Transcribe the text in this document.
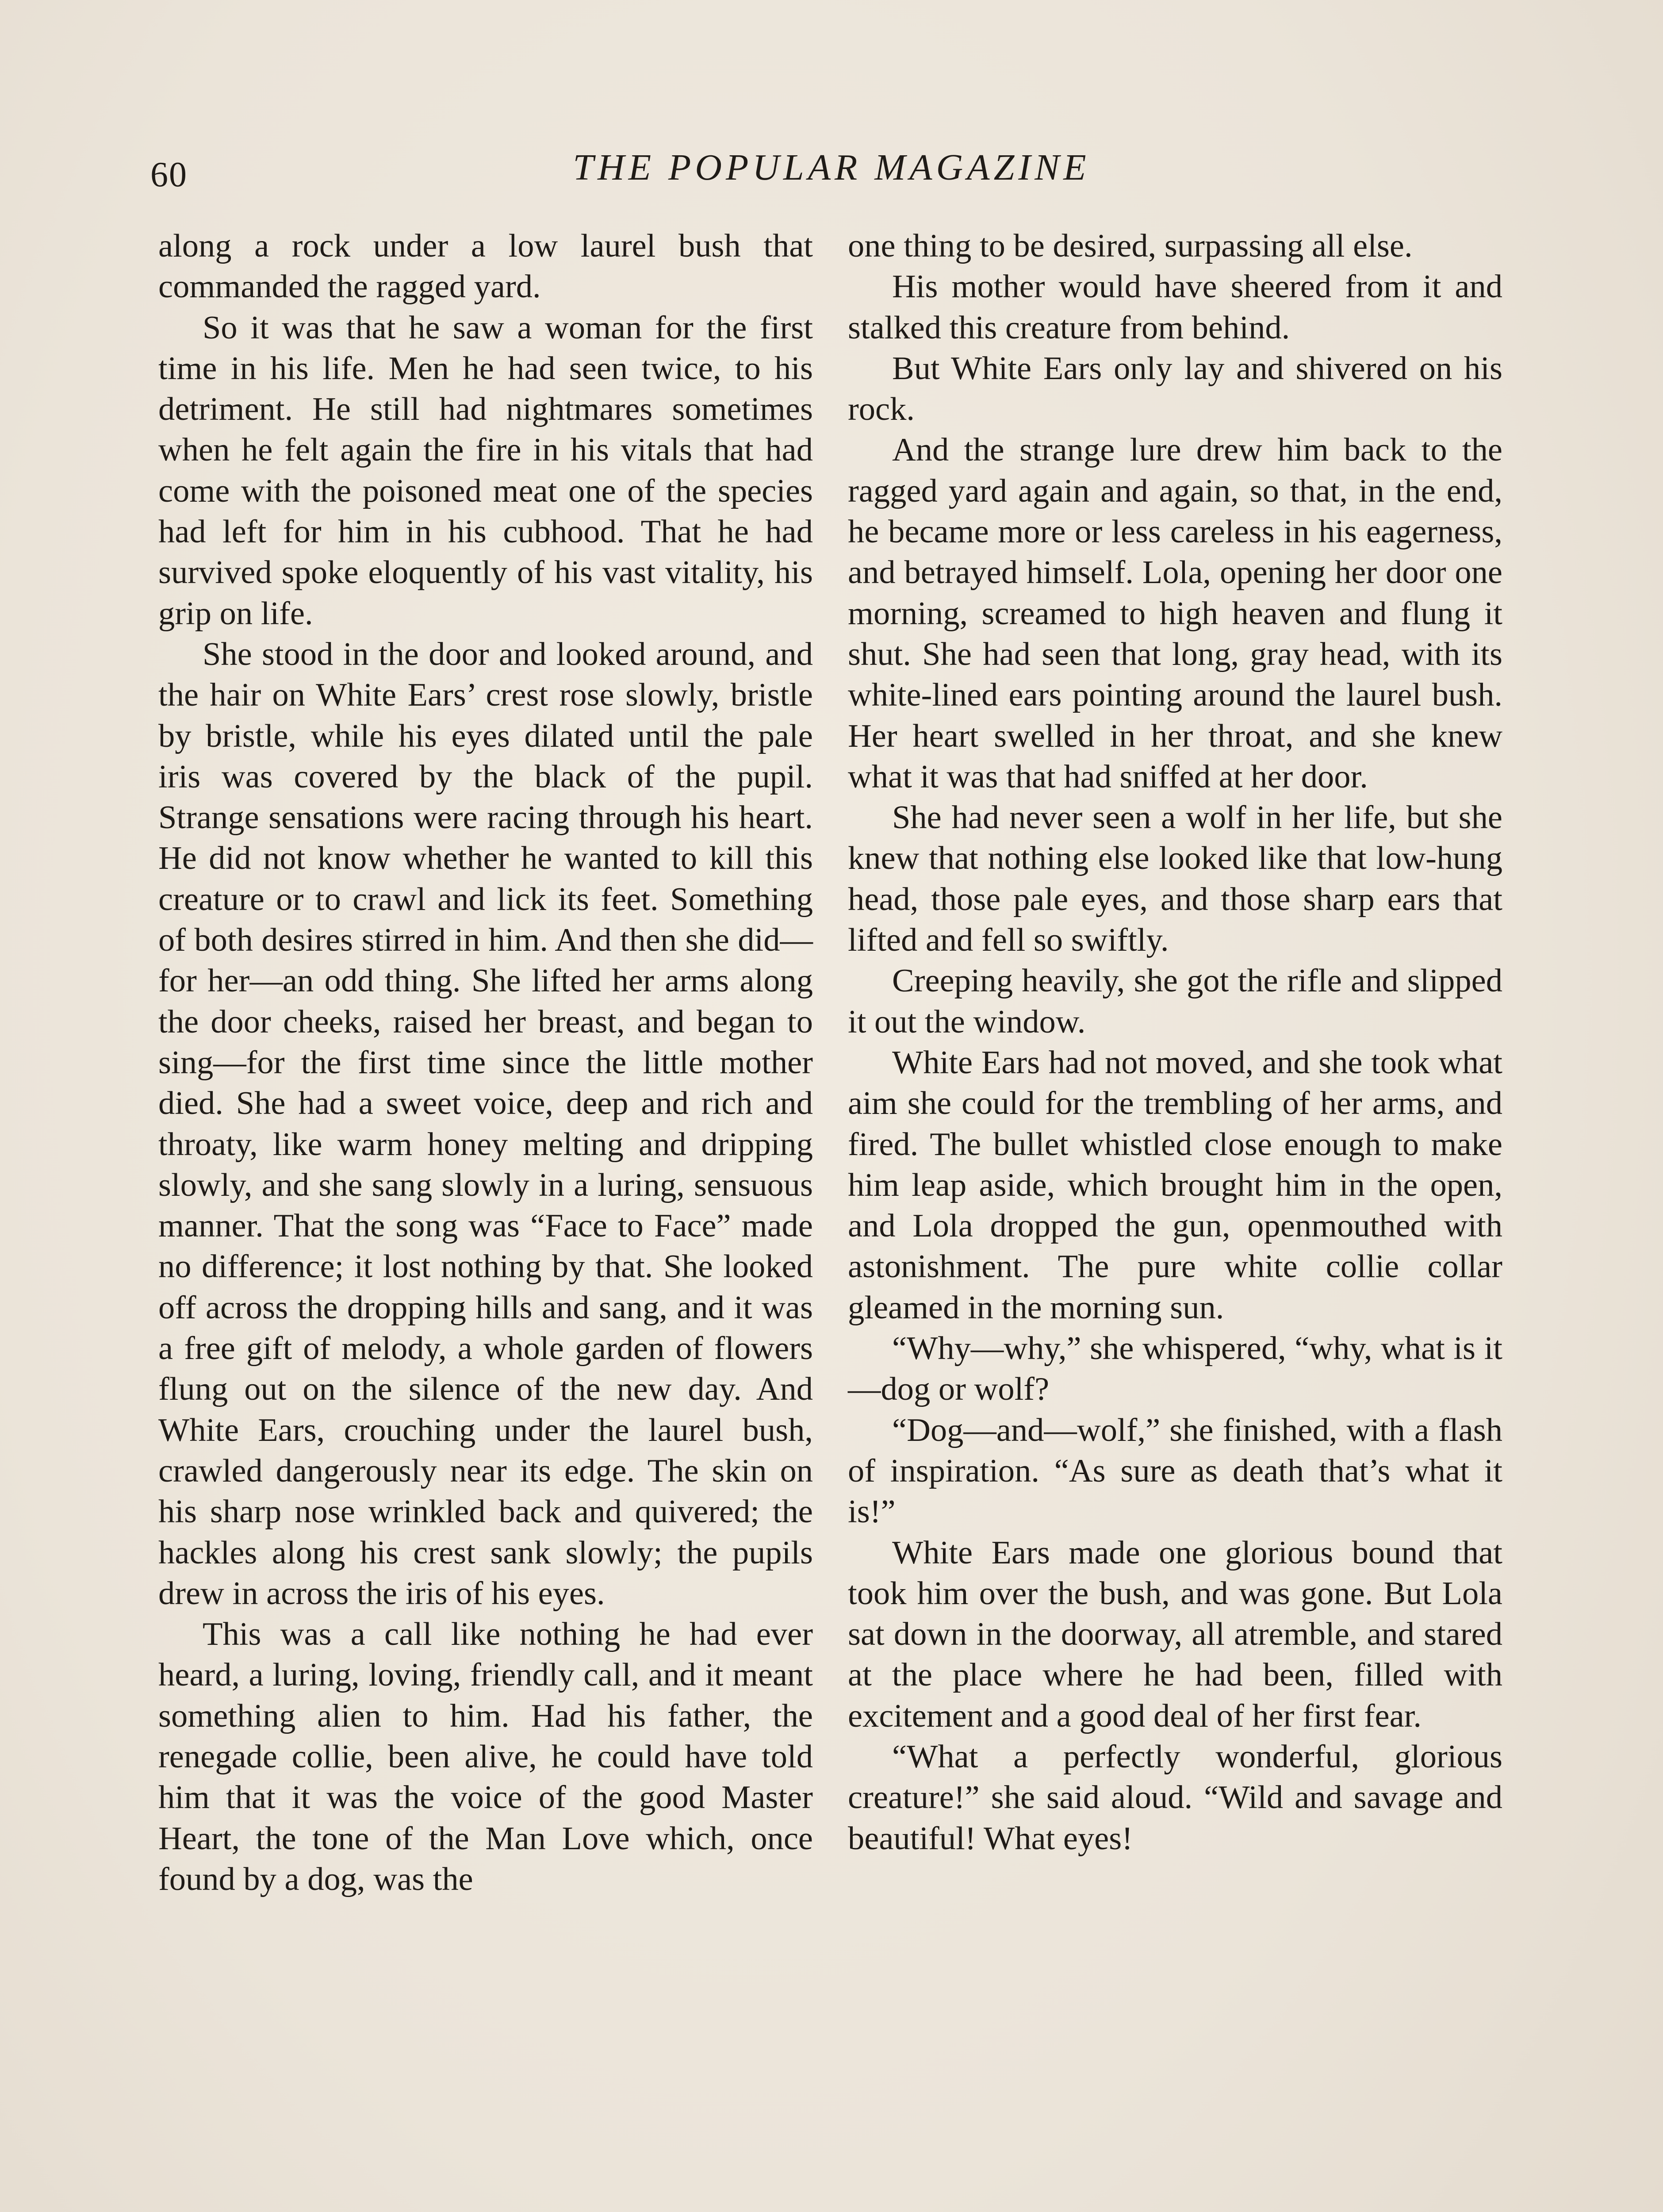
60	THE POPULAR MAGAZINE

along a rock under a low laurel bush that commanded the ragged yard.

So it was that he saw a woman for the first time in his life. Men he had seen twice, to his detriment. He still had nightmares sometimes when he felt again the fire in his vitals that had come with the poisoned meat one of the species had left for him in his cubhood. That he had survived spoke eloquently of his vast vitality, his grip on life.

She stood in the door and looked around, and the hair on White Ears’ crest rose slowly, bristle by bristle, while his eyes dilated until the pale iris was covered by the black of the pupil. Strange sensations were racing through his heart. He did not know whether he wanted to kill this creature or to crawl and lick its feet. Something of both desires stirred in him. And then she did—for her—an odd thing. She lifted her arms along the door cheeks, raised her breast, and began to sing—for the first time since the little mother died. She had a sweet voice, deep and rich and throaty, like warm honey melting and dripping slowly, and she sang slowly in a luring, sensuous manner. That the song was “Face to Face” made no difference; it lost nothing by that. She looked off across the dropping hills and sang, and it was a free gift of melody, a whole garden of flowers flung out on the silence of the new day. And White Ears, crouching under the laurel bush, crawled dangerously near its edge. The skin on his sharp nose wrinkled back and quivered; the hackles along his crest sank slowly; the pupils drew in across the iris of his eyes.

This was a call like nothing he had ever heard, a luring, loving, friendly call, and it meant something alien to him. Had his father, the renegade collie, been alive, he could have told him that it was the voice of the good Master Heart, the tone of the Man Love which, once found by a dog, was the

one thing to be desired, surpassing all else.

His mother would have sheered from it and stalked this creature from behind.

But White Ears only lay and shivered on his rock.

And the strange lure drew him back to the ragged yard again and again, so that, in the end, he became more or less careless in his eagerness, and betrayed himself. Lola, opening her door one morning, screamed to high heaven and flung it shut. She had seen that long, gray head, with its white-lined ears pointing around the laurel bush. Her heart swelled in her throat, and she knew what it was that had sniffed at her door.

She had never seen a wolf in her life, but she knew that nothing else looked like that low-hung head, those pale eyes, and those sharp ears that lifted and fell so swiftly.

Creeping heavily, she got the rifle and slipped it out the window.

White Ears had not moved, and she took what aim she could for the trembling of her arms, and fired. The bullet whistled close enough to make him leap aside, which brought him in the open, and Lola dropped the gun, openmouthed with astonishment. The pure white collie collar gleamed in the morning sun.

“Why—why,” she whispered, “why, what is it—dog or wolf?

“Dog—and—wolf,” she finished, with a flash of inspiration. “As sure as death that’s what it is!”

White Ears made one glorious bound that took him over the bush, and was gone. But Lola sat down in the doorway, all atremble, and stared at the place where he had been, filled with excitement and a good deal of her first fear.

“What a perfectly wonderful, glorious creature!” she said aloud. “Wild and savage and beautiful! What eyes!
